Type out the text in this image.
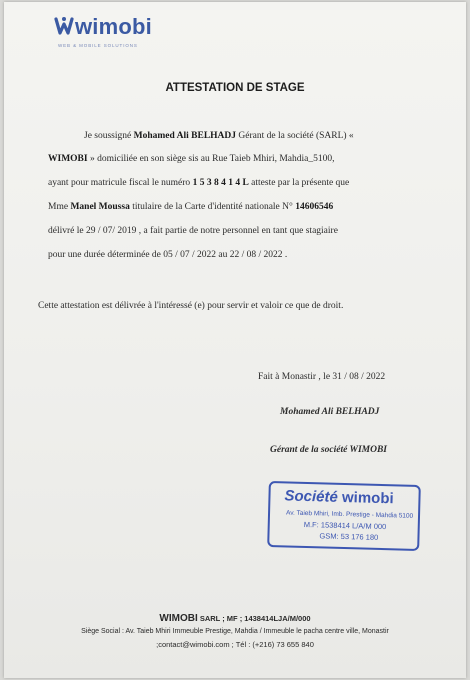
wimobi
WEB & MOBILE SOLUTIONS
ATTESTATION DE STAGE
Je soussigné Mohamed Ali BELHADJ Gérant de la société (SARL) «
WIMOBI » domiciliée en son siège sis au Rue Taieb Mhiri, Mahdia_5100,
ayant pour matricule fiscal le numéro 1 5 3 8 4 1 4 L atteste par la présente que
Mme Manel Moussa titulaire de la Carte d'identité nationale N° 14606546
délivré le 29 / 07/ 2019 , a fait partie de notre personnel en tant que stagiaire
pour une durée déterminée de 05 / 07 / 2022 au 22 / 08 / 2022 .
Cette attestation est délivrée à l'intéressé (e) pour servir et valoir ce que de droit.
Fait à Monastir , le 31 / 08 / 2022
Mohamed Ali BELHADJ
Gérant de la société WIMOBI
Société wimobi
Av. Taieb Mhiri, Imb. Prestige - Mahdia 5100
M.F: 1538414 L/A/M 000
GSM: 53 176 180
WIMOBI SARL ; MF ; 1438414LJA/M/000
Siège Social : Av. Taieb Mhiri Immeuble Prestige, Mahdia / Immeuble le pacha centre ville, Monastir
;contact@wimobi.com ; Tél : (+216) 73 655 840
